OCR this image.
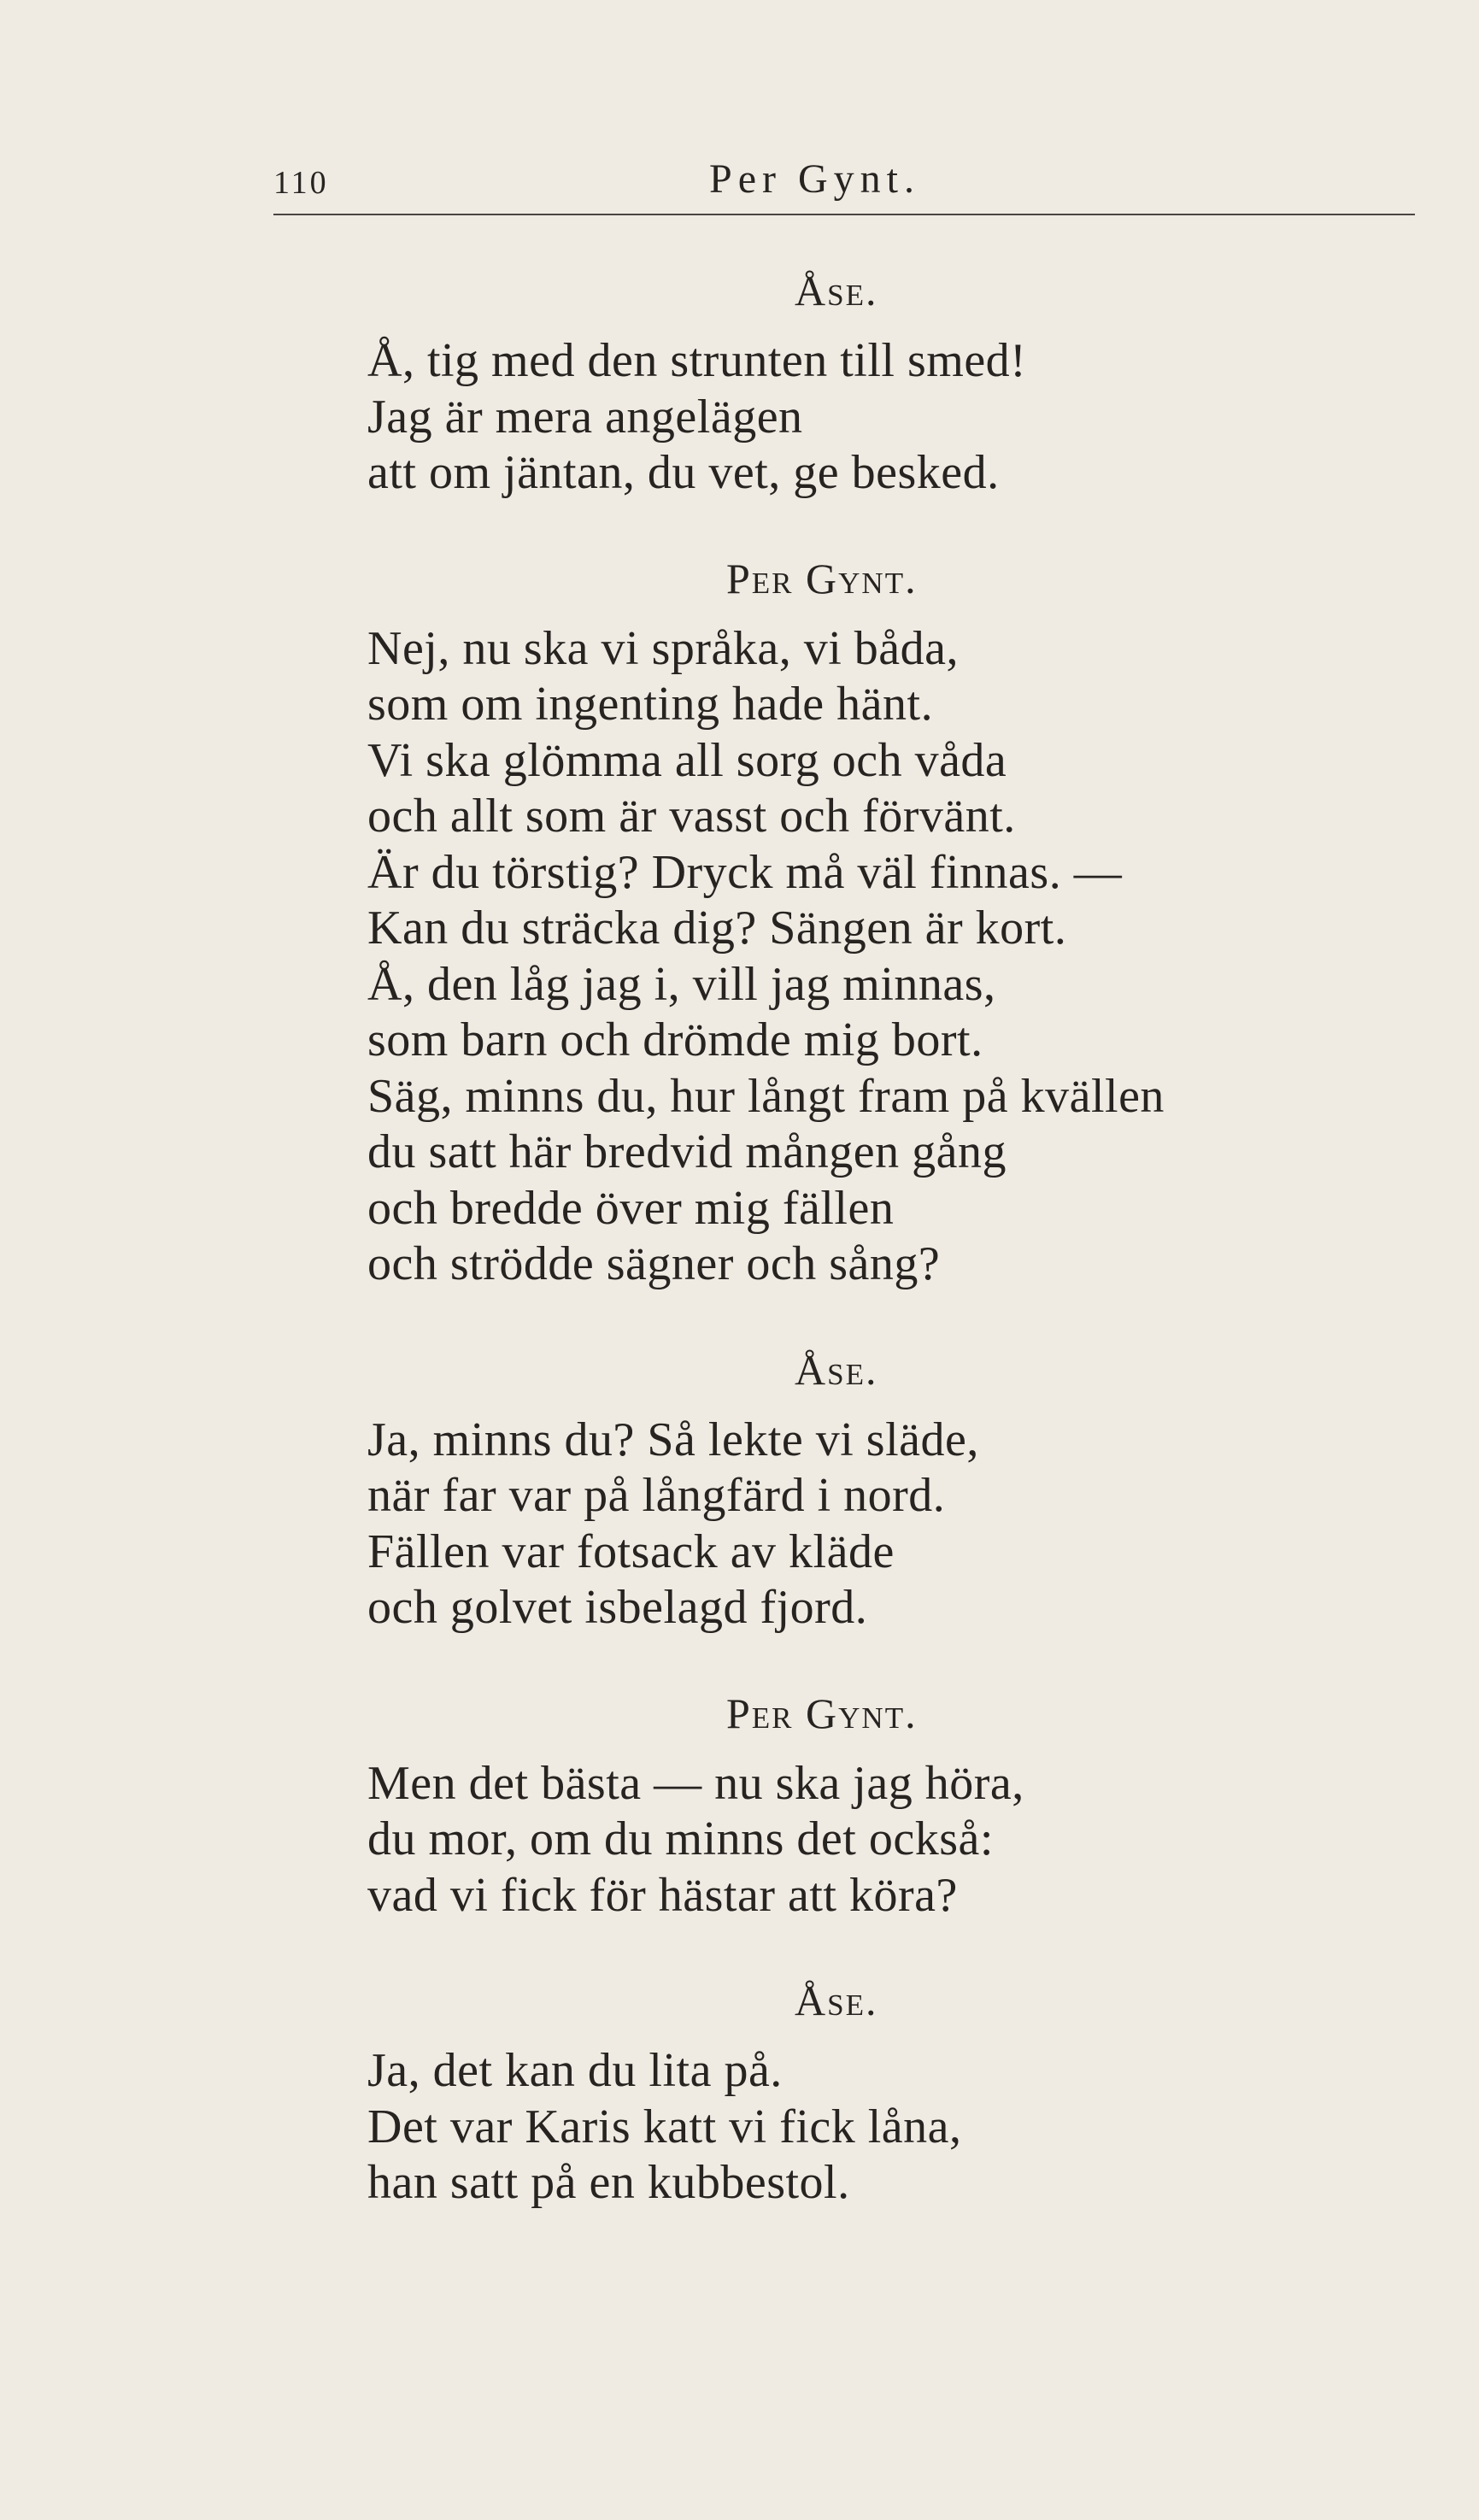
110	Per Gynt.
Åse.
Å, tig med den strunten till smed!
Jag är mera angelägen
att om jäntan, du vet, ge besked.
Per Gynt.
Nej, nu ska vi språka, vi båda,
som om ingenting hade hänt.
Vi ska glömma all sorg och våda
och allt som är vasst och förvänt.
Är du törstig? Dryck må väl finnas. —
Kan du sträcka dig? Sängen är kort.
Å, den låg jag i, vill jag minnas,
som barn och drömde mig bort.
Säg, minns du, hur långt fram på kvällen
du satt här bredvid mången gång
och bredde över mig fällen
och strödde sägner och sång?
Åse.
Ja, minns du? Så lekte vi släde,
när far var på långfärd i nord.
Fällen var fotsack av kläde
och golvet isbelagd fjord.
Per Gynt.
Men det bästa — nu ska jag höra,
du mor, om du minns det också:
vad vi fick för hästar att köra?
Åse.
Ja, det kan du lita på.
Det var Karis katt vi fick låna,
han satt på en kubbestol.
